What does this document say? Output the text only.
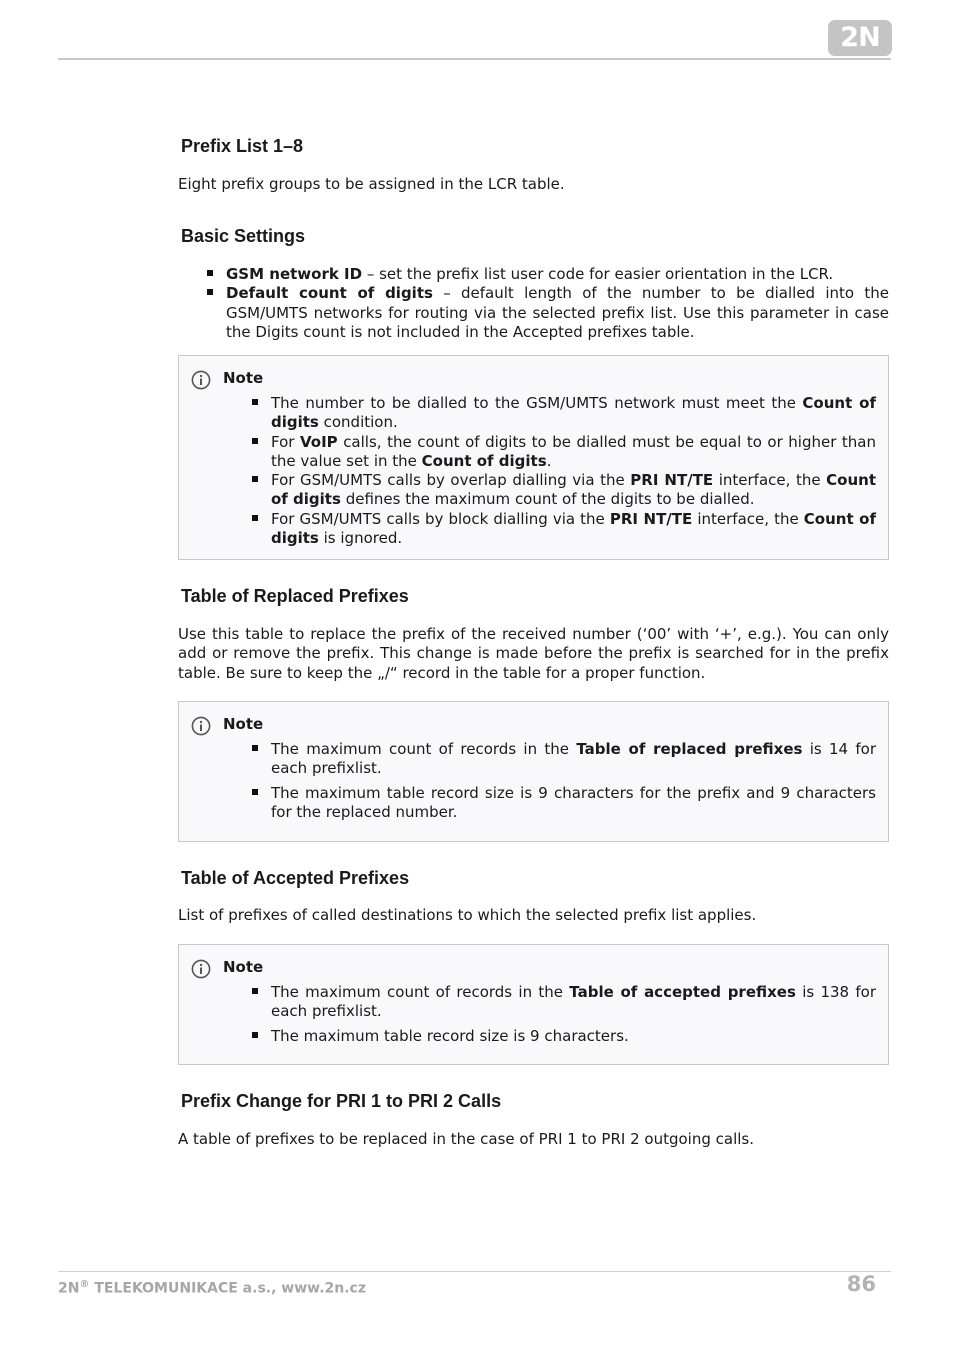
2N
Prefix List 1–8

Eight prefix groups to be assigned in the LCR table.

Basic Settings
GSM network ID – set the prefix list user code for easier orientation in the LCR.
Default count of digits – default length of the number to be dialled into the GSM/UMTS networks for routing via the selected prefix list. Use this parameter in case the Digits count is not included in the Accepted prefixes table.
Note
The number to be dialled to the GSM/UMTS network must meet the Count of digits condition.
For VoIP calls, the count of digits to be dialled must be equal to or higher than the value set in the Count of digits.
For GSM/UMTS calls by overlap dialling via the PRI NT/TE interface, the Count of digits defines the maximum count of the digits to be dialled.
For GSM/UMTS calls by block dialling via the PRI NT/TE interface, the Count of digits is ignored.
Table of Replaced Prefixes

Use this table to replace the prefix of the received number (‘00’ with ‘+’, e.g.). You can only add or remove the prefix. This change is made before the prefix is searched for in the prefix table. Be sure to keep the „/“ record in the table for a proper function.

Note
The maximum count of records in the Table of replaced prefixes is 14 for each prefixlist.
The maximum table record size is 9 characters for the prefix and 9 characters for the replaced number.
Table of Accepted Prefixes

List of prefixes of called destinations to which the selected prefix list applies.

Note
The maximum count of records in the Table of accepted prefixes is 138 for each prefixlist.
The maximum table record size is 9 characters.
Prefix Change for PRI 1 to PRI 2 Calls

A table of prefixes to be replaced in the case of PRI 1 to PRI 2 outgoing calls.

2N® TELEKOMUNIKACE a.s., www.2n.cz	86
